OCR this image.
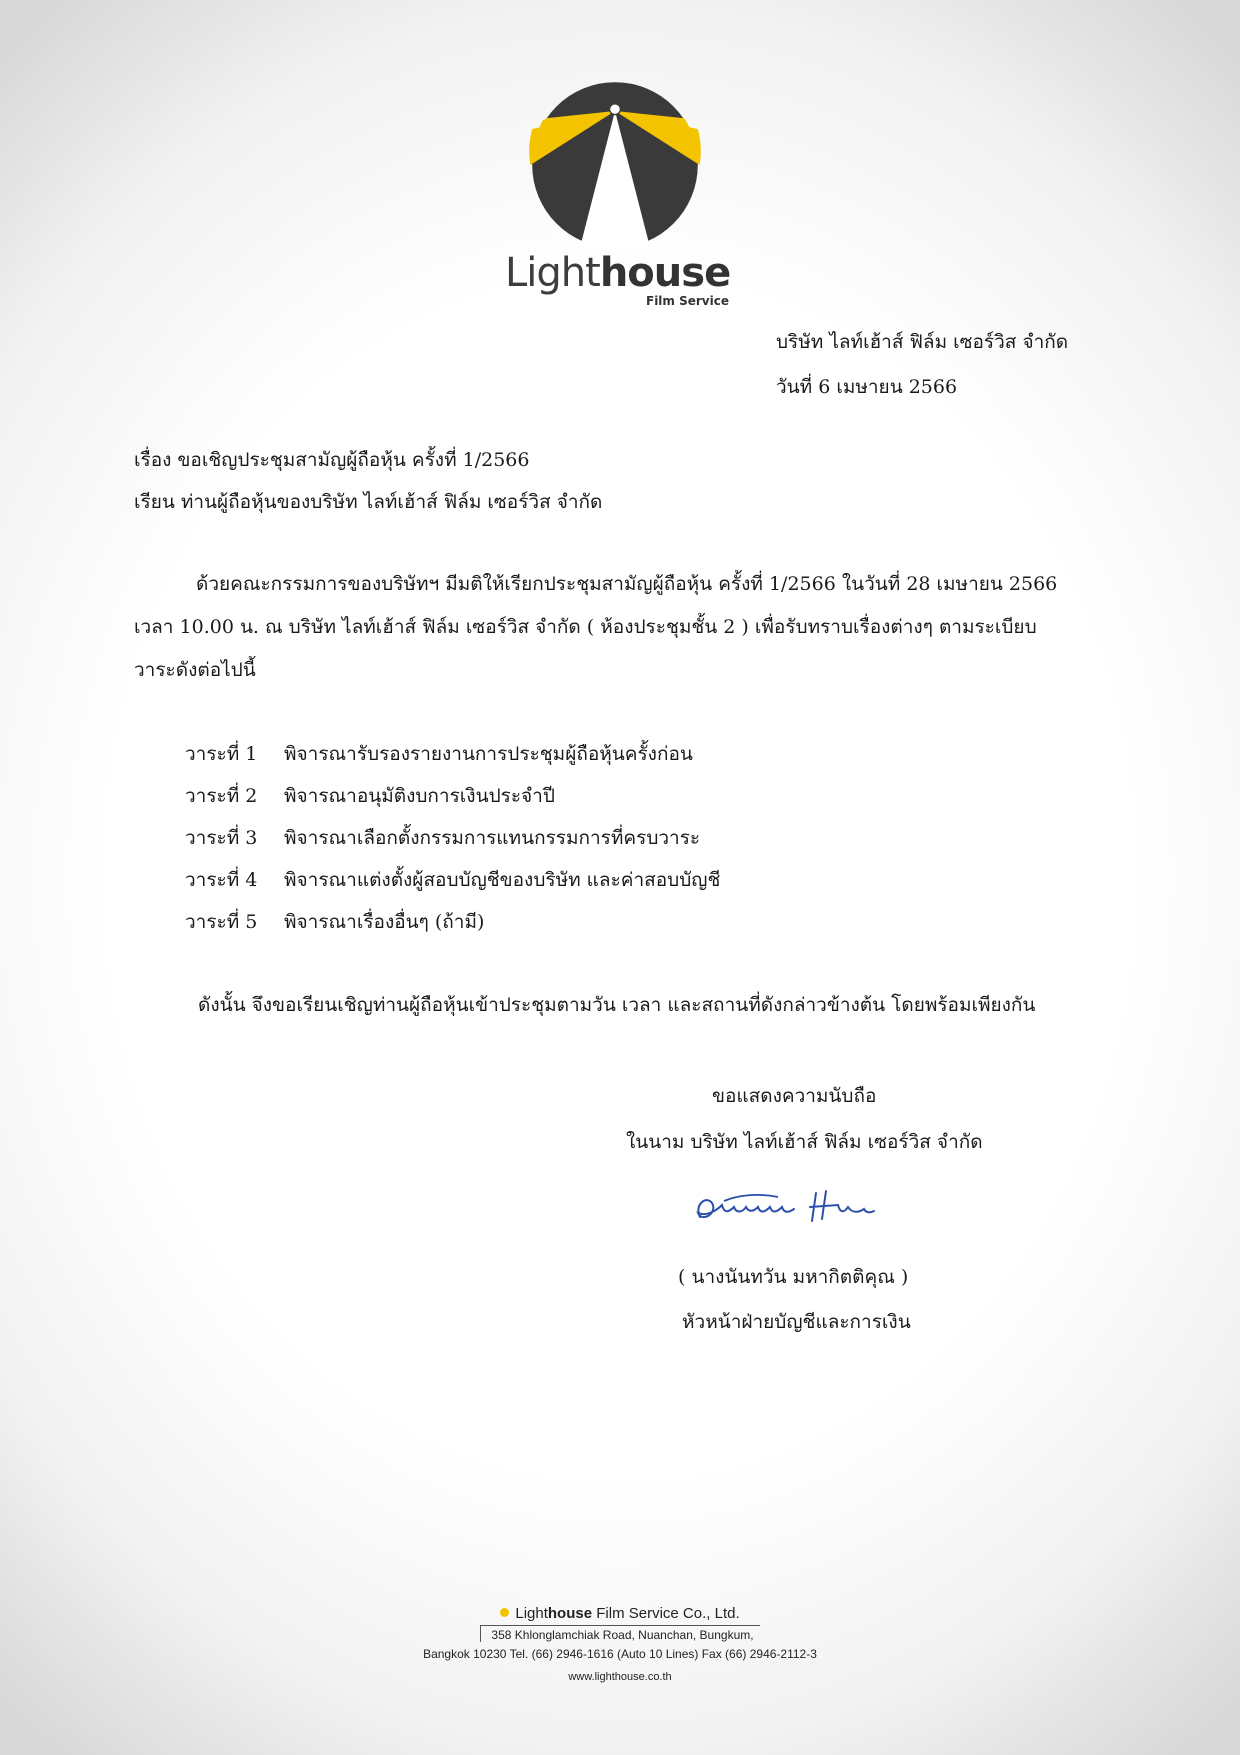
Lighthouse
Film Service
บริษัท ไลท์เฮ้าส์ ฟิล์ม เซอร์วิส จำกัด
วันที่ 6 เมษายน 2566
เรื่อง ขอเชิญประชุมสามัญผู้ถือหุ้น ครั้งที่ 1/2566
เรียน ท่านผู้ถือหุ้นของบริษัท ไลท์เฮ้าส์ ฟิล์ม เซอร์วิส จำกัด
ด้วยคณะกรรมการของบริษัทฯ มีมติให้เรียกประชุมสามัญผู้ถือหุ้น ครั้งที่ 1/2566 ในวันที่ 28 เมษายน 2566
เวลา 10.00 น. ณ บริษัท ไลท์เฮ้าส์ ฟิล์ม เซอร์วิส จำกัด ( ห้องประชุมชั้น 2 ) เพื่อรับทราบเรื่องต่างๆ ตามระเบียบ
วาระดังต่อไปนี้
วาระที่ 1 พิจารณารับรองรายงานการประชุมผู้ถือหุ้นครั้งก่อน
วาระที่ 2 พิจารณาอนุมัติงบการเงินประจำปี
วาระที่ 3 พิจารณาเลือกตั้งกรรมการแทนกรรมการที่ครบวาระ
วาระที่ 4 พิจารณาแต่งตั้งผู้สอบบัญชีของบริษัท และค่าสอบบัญชี
วาระที่ 5 พิจารณาเรื่องอื่นๆ (ถ้ามี)
ดังนั้น จึงขอเรียนเชิญท่านผู้ถือหุ้นเข้าประชุมตามวัน เวลา และสถานที่ดังกล่าวข้างต้น โดยพร้อมเพียงกัน
ขอแสดงความนับถือ
ในนาม บริษัท ไลท์เฮ้าส์ ฟิล์ม เซอร์วิส จำกัด
( นางนันทวัน มหากิตติคุณ )
หัวหน้าฝ่ายบัญชีและการเงิน
Lighthouse Film Service Co., Ltd.
358 Khlonglamchiak Road, Nuanchan, Bungkum,
Bangkok 10230 Tel. (66) 2946-1616 (Auto 10 Lines) Fax (66) 2946-2112-3
www.lighthouse.co.th
